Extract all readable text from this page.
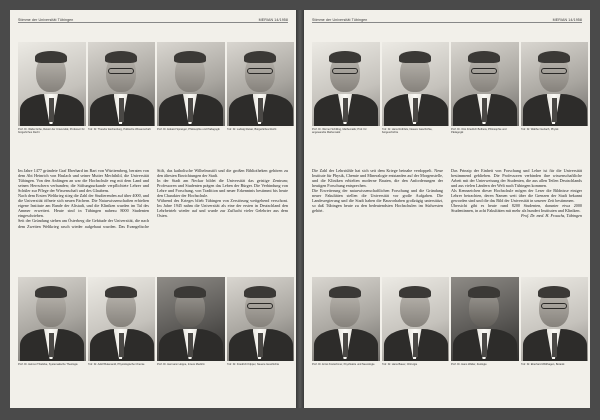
Stimme der Universität Tübingen	MERIAN 14/1958
Prof. Dr. Walter Erbe, Rektor der Universität, Professor für bürgerliches Recht
Prof. Dr. Theodor Eschenburg, Politische Wissenschaft	Prof. Dr. Eduard Spranger, Philosophie und Pädagogik	Prof. Dr. Ludwig Raiser, Bürgerliches Recht

Im Jahre 1477 gründete Graf Eberhard im Bart von Württemberg, beraten von dem Abt Heinrich von Haslach und seiner Mutter Mechthild, die Universität Tübingen. Von den Anfängen an war die Hochschule eng mit dem Land und seinen Herrschern verbunden; die Stiftungsurkunde verpflichtete Lehrer und Schüler zur Pflege der Wissenschaft und des Glaubens.

Nach dem Ersten Weltkrieg stieg die Zahl der Studierenden auf über 4000, und die Universität öffnete sich neuen Fächern. Die Naturwissenschaften erhielten eigene Institute am Rande der Altstadt, und die Kliniken wurden im Tal des Ammer erweitert. Heute sind in Tübingen nahezu 8000 Studenten eingeschrieben.

Seit der Gründung stehen am Österberg die Gebäude der Universität, die nach dem Zweiten Weltkrieg rasch wieder aufgebaut wurden. Das Evangelische Stift, das katholische Wilhelmsstift und die großen Bibliotheken gehören zu den ältesten Einrichtungen der Stadt.

In der Stadt am Neckar bildet die Universität das geistige Zentrum; Professoren und Studenten prägen das Leben der Bürger. Die Verbindung von Lehre und Forschung, von Tradition und neuer Erkenntnis bestimmt bis heute den Charakter der Hochschule.

Während des Krieges blieb Tübingen von Zerstörung weitgehend verschont. Im Jahre 1945 nahm die Universität als eine der ersten in Deutschland den Lehrbetrieb wieder auf und wurde zur Zuflucht vieler Gelehrter aus dem Osten.

Prof. Dr. Helmut Thielicke, Systematische Theologie	Prof. Dr. Adolf Butenandt, Physiologische Chemie	Prof. Dr. Hermann Hoppe, Innere Medizin	Prof. Dr. Friedrich Kilpper, Neuere Geschichte
Stimme der Universität Tübingen	MERIAN 14/1958
Prof. Dr. Werner Schilling, Mathematik; Prof. für angewandte Mathematik
Prof. Dr. Hans Rothfels, Neuere Geschichte, Zeitgeschichte
Prof. Dr. Otto Friedrich Bollnow, Philosophie und Pädagogik
Prof. Dr. Walther Gerlach, Physik

Die Zahl der Lehrstühle hat sich seit dem Kriege beinahe verdoppelt. Neue Institute für Physik, Chemie und Mineralogie entstanden auf der Morgenstelle, und die Kliniken erhielten moderne Bauten, die den Anforderungen der heutigen Forschung entsprechen.

Die Erweiterung der naturwissenschaftlichen Forschung und die Gründung neuer Fakultäten stellen die Universität vor große Aufgaben. Die Landesregierung und die Stadt haben die Bauvorhaben großzügig unterstützt, so daß Tübingen heute zu den bedeutendsten Hochschulen im Südwesten gehört.

Das Prinzip der Einheit von Forschung und Lehre ist für die Universität bestimmend geblieben. Die Professoren verbinden ihre wissenschaftliche Arbeit mit der Unterweisung der Studenten, die aus allen Teilen Deutschlands und aus vielen Ländern der Welt nach Tübingen kommen.

Als Kennzeichen dieser Hochschule mögen der Leser die Bildnisse einiger Lehrer betrachten, deren Namen weit über die Grenzen der Stadt bekannt geworden sind und die das Bild der Universität in unserer Zeit bestimmen.

Übersicht gibt es heute rund 8200 Studenten, darunter etwa 2000 Studentinnen, in acht Fakultäten mit mehr als hundert Instituten und Kliniken.

Prof. Dr. med. H. Frauchs, Tübingen

Prof. Dr. Ernst Kretschmer, Psychiatrie und Neurologie	Prof. Dr. Hans Bauer, Chirurgie	Prof. Dr. Hans Walter, Zoologie	Prof. Dr. Eberhard Wildhagen, Botanik
